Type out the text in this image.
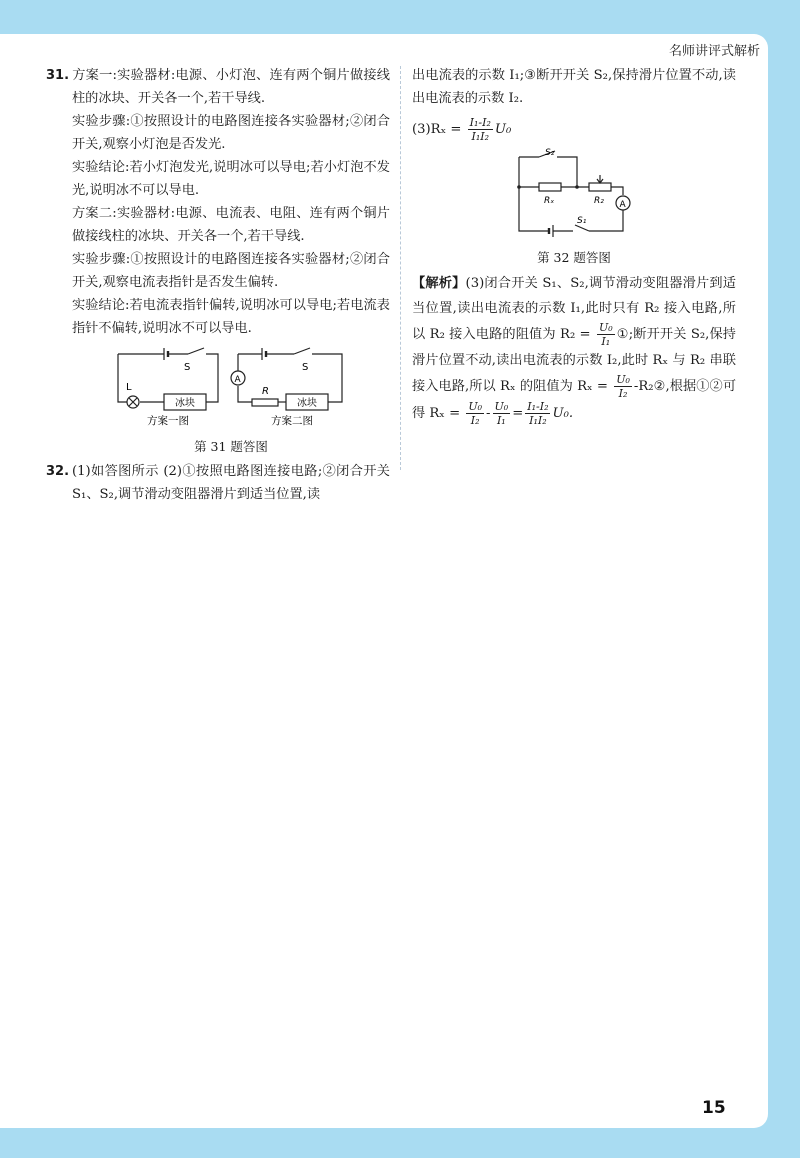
名师讲评式解析

31. 方案一:实验器材:电源、小灯泡、连有两个铜片做接线柱的冰块、开关各一个,若干导线.

实验步骤:①按照设计的电路图连接各实验器材;②闭合开关,观察小灯泡是否发光.

实验结论:若小灯泡发光,说明冰可以导电;若小灯泡不发光,说明冰不可以导电.

方案二:实验器材:电源、电流表、电阻、连有两个铜片做接线柱的冰块、开关各一个,若干导线.

实验步骤:①按照设计的电路图连接各实验器材;②闭合开关,观察电流表指针是否发生偏转.

实验结论:若电流表指针偏转,说明冰可以导电;若电流表指针不偏转,说明冰不可以导电.

S
L
冰块
方案一图
A
S
R
冰块
方案二图
第 31 题答图

32. (1)如答图所示 (2)①按照电路图连接电路;②闭合开关 S₁、S₂,调节滑动变阻器滑片到适当位置,读

出电流表的示数 I₁;③断开开关 S₂,保持滑片位置不动,读出电流表的示数 I₂.

$(3)R_x = \frac{\text{I₁-I₂}}{\text{I₁I₂}} U_0$

S₂
Rₓ	R₂ A
S₁
第 32 题答图

【解析】(3)闭合开关 S₁、S₂,调节滑动变阻器滑片到适当位置,读出电流表的示数 I₁,此时只有 R₂ 接入电路,所以 R₂ 接入电路的阻值为 $R_2 = \frac{\text{U₀}}{\text{I₁}}$ ①;断开开关 S₂,保持滑片位置不动,读出电流表的示数 I₂,此时 Rₓ 与 R₂ 串联接入电路,所以 Rₓ 的阻值为 $R_x = \frac{\text{U₀}}{\text{I₂}}$ -R₂②,根据①②可得 $R_x = \frac{\text{U₀}}{\text{I₂}} - \frac{\text{U₀}}{\text{I₁}} = \frac{\text{I₁-I₂}}{\text{I₁I₂}} U_0$.

15
